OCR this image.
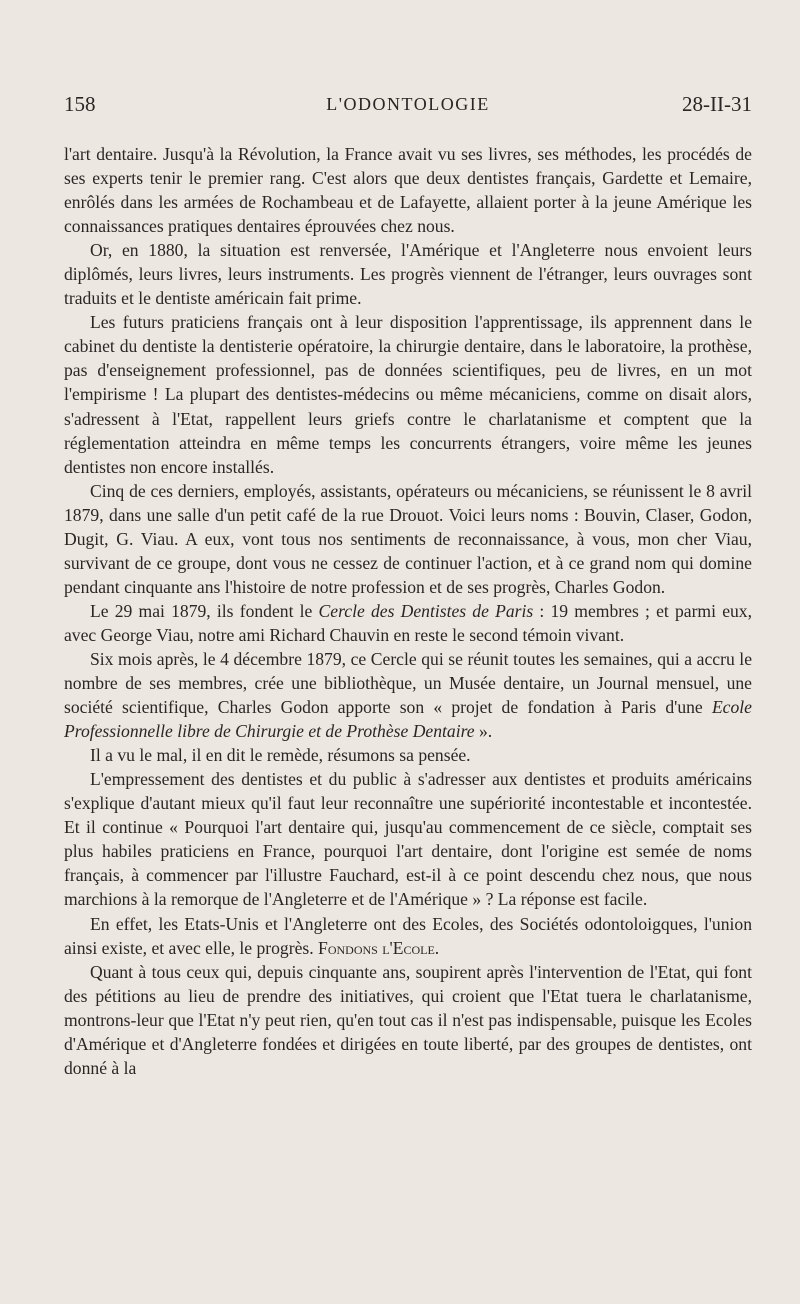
158	L'ODONTOLOGIE	28-II-31

l'art dentaire. Jusqu'à la Révolution, la France avait vu ses livres, ses méthodes, les procédés de ses experts tenir le premier rang. C'est alors que deux dentistes français, Gardette et Lemaire, enrôlés dans les armées de Rochambeau et de Lafayette, allaient porter à la jeune Amérique les connaissances pratiques dentaires éprouvées chez nous.

Or, en 1880, la situation est renversée, l'Amérique et l'Angleterre nous envoient leurs diplômés, leurs livres, leurs instruments. Les progrès viennent de l'étranger, leurs ouvrages sont traduits et le dentiste américain fait prime.

Les futurs praticiens français ont à leur disposition l'apprentissage, ils apprennent dans le cabinet du dentiste la dentisterie opératoire, la chirurgie dentaire, dans le laboratoire, la prothèse, pas d'enseignement professionnel, pas de données scientifiques, peu de livres, en un mot l'empirisme ! La plupart des dentistes-médecins ou même mécaniciens, comme on disait alors, s'adressent à l'Etat, rappellent leurs griefs contre le charlatanisme et comptent que la réglementation atteindra en même temps les concurrents étrangers, voire même les jeunes dentistes non encore installés.

Cinq de ces derniers, employés, assistants, opérateurs ou mécaniciens, se réunissent le 8 avril 1879, dans une salle d'un petit café de la rue Drouot. Voici leurs noms : Bouvin, Claser, Godon, Dugit, G. Viau. A eux, vont tous nos sentiments de reconnaissance, à vous, mon cher Viau, survivant de ce groupe, dont vous ne cessez de continuer l'action, et à ce grand nom qui domine pendant cinquante ans l'histoire de notre profession et de ses progrès, Charles Godon.

Le 29 mai 1879, ils fondent le Cercle des Dentistes de Paris : 19 membres ; et parmi eux, avec George Viau, notre ami Richard Chauvin en reste le second témoin vivant.

Six mois après, le 4 décembre 1879, ce Cercle qui se réunit toutes les semaines, qui a accru le nombre de ses membres, crée une bibliothèque, un Musée dentaire, un Journal mensuel, une société scientifique, Charles Godon apporte son « projet de fondation à Paris d'une Ecole Professionnelle libre de Chirurgie et de Prothèse Dentaire ».

Il a vu le mal, il en dit le remède, résumons sa pensée.

L'empressement des dentistes et du public à s'adresser aux dentistes et produits américains s'explique d'autant mieux qu'il faut leur reconnaître une supériorité incontestable et incontestée. Et il continue « Pourquoi l'art dentaire qui, jusqu'au commencement de ce siècle, comptait ses plus habiles praticiens en France, pourquoi l'art dentaire, dont l'origine est semée de noms français, à commencer par l'illustre Fauchard, est-il à ce point descendu chez nous, que nous marchions à la remorque de l'Angleterre et de l'Amérique » ? La réponse est facile.

En effet, les Etats-Unis et l'Angleterre ont des Ecoles, des Sociétés odontoloigques, l'union ainsi existe, et avec elle, le progrès. Fondons l'Ecole.

Quant à tous ceux qui, depuis cinquante ans, soupirent après l'intervention de l'Etat, qui font des pétitions au lieu de prendre des initiatives, qui croient que l'Etat tuera le charlatanisme, montrons-leur que l'Etat n'y peut rien, qu'en tout cas il n'est pas indispensable, puisque les Ecoles d'Amérique et d'Angleterre fondées et dirigées en toute liberté, par des groupes de dentistes, ont donné à la
